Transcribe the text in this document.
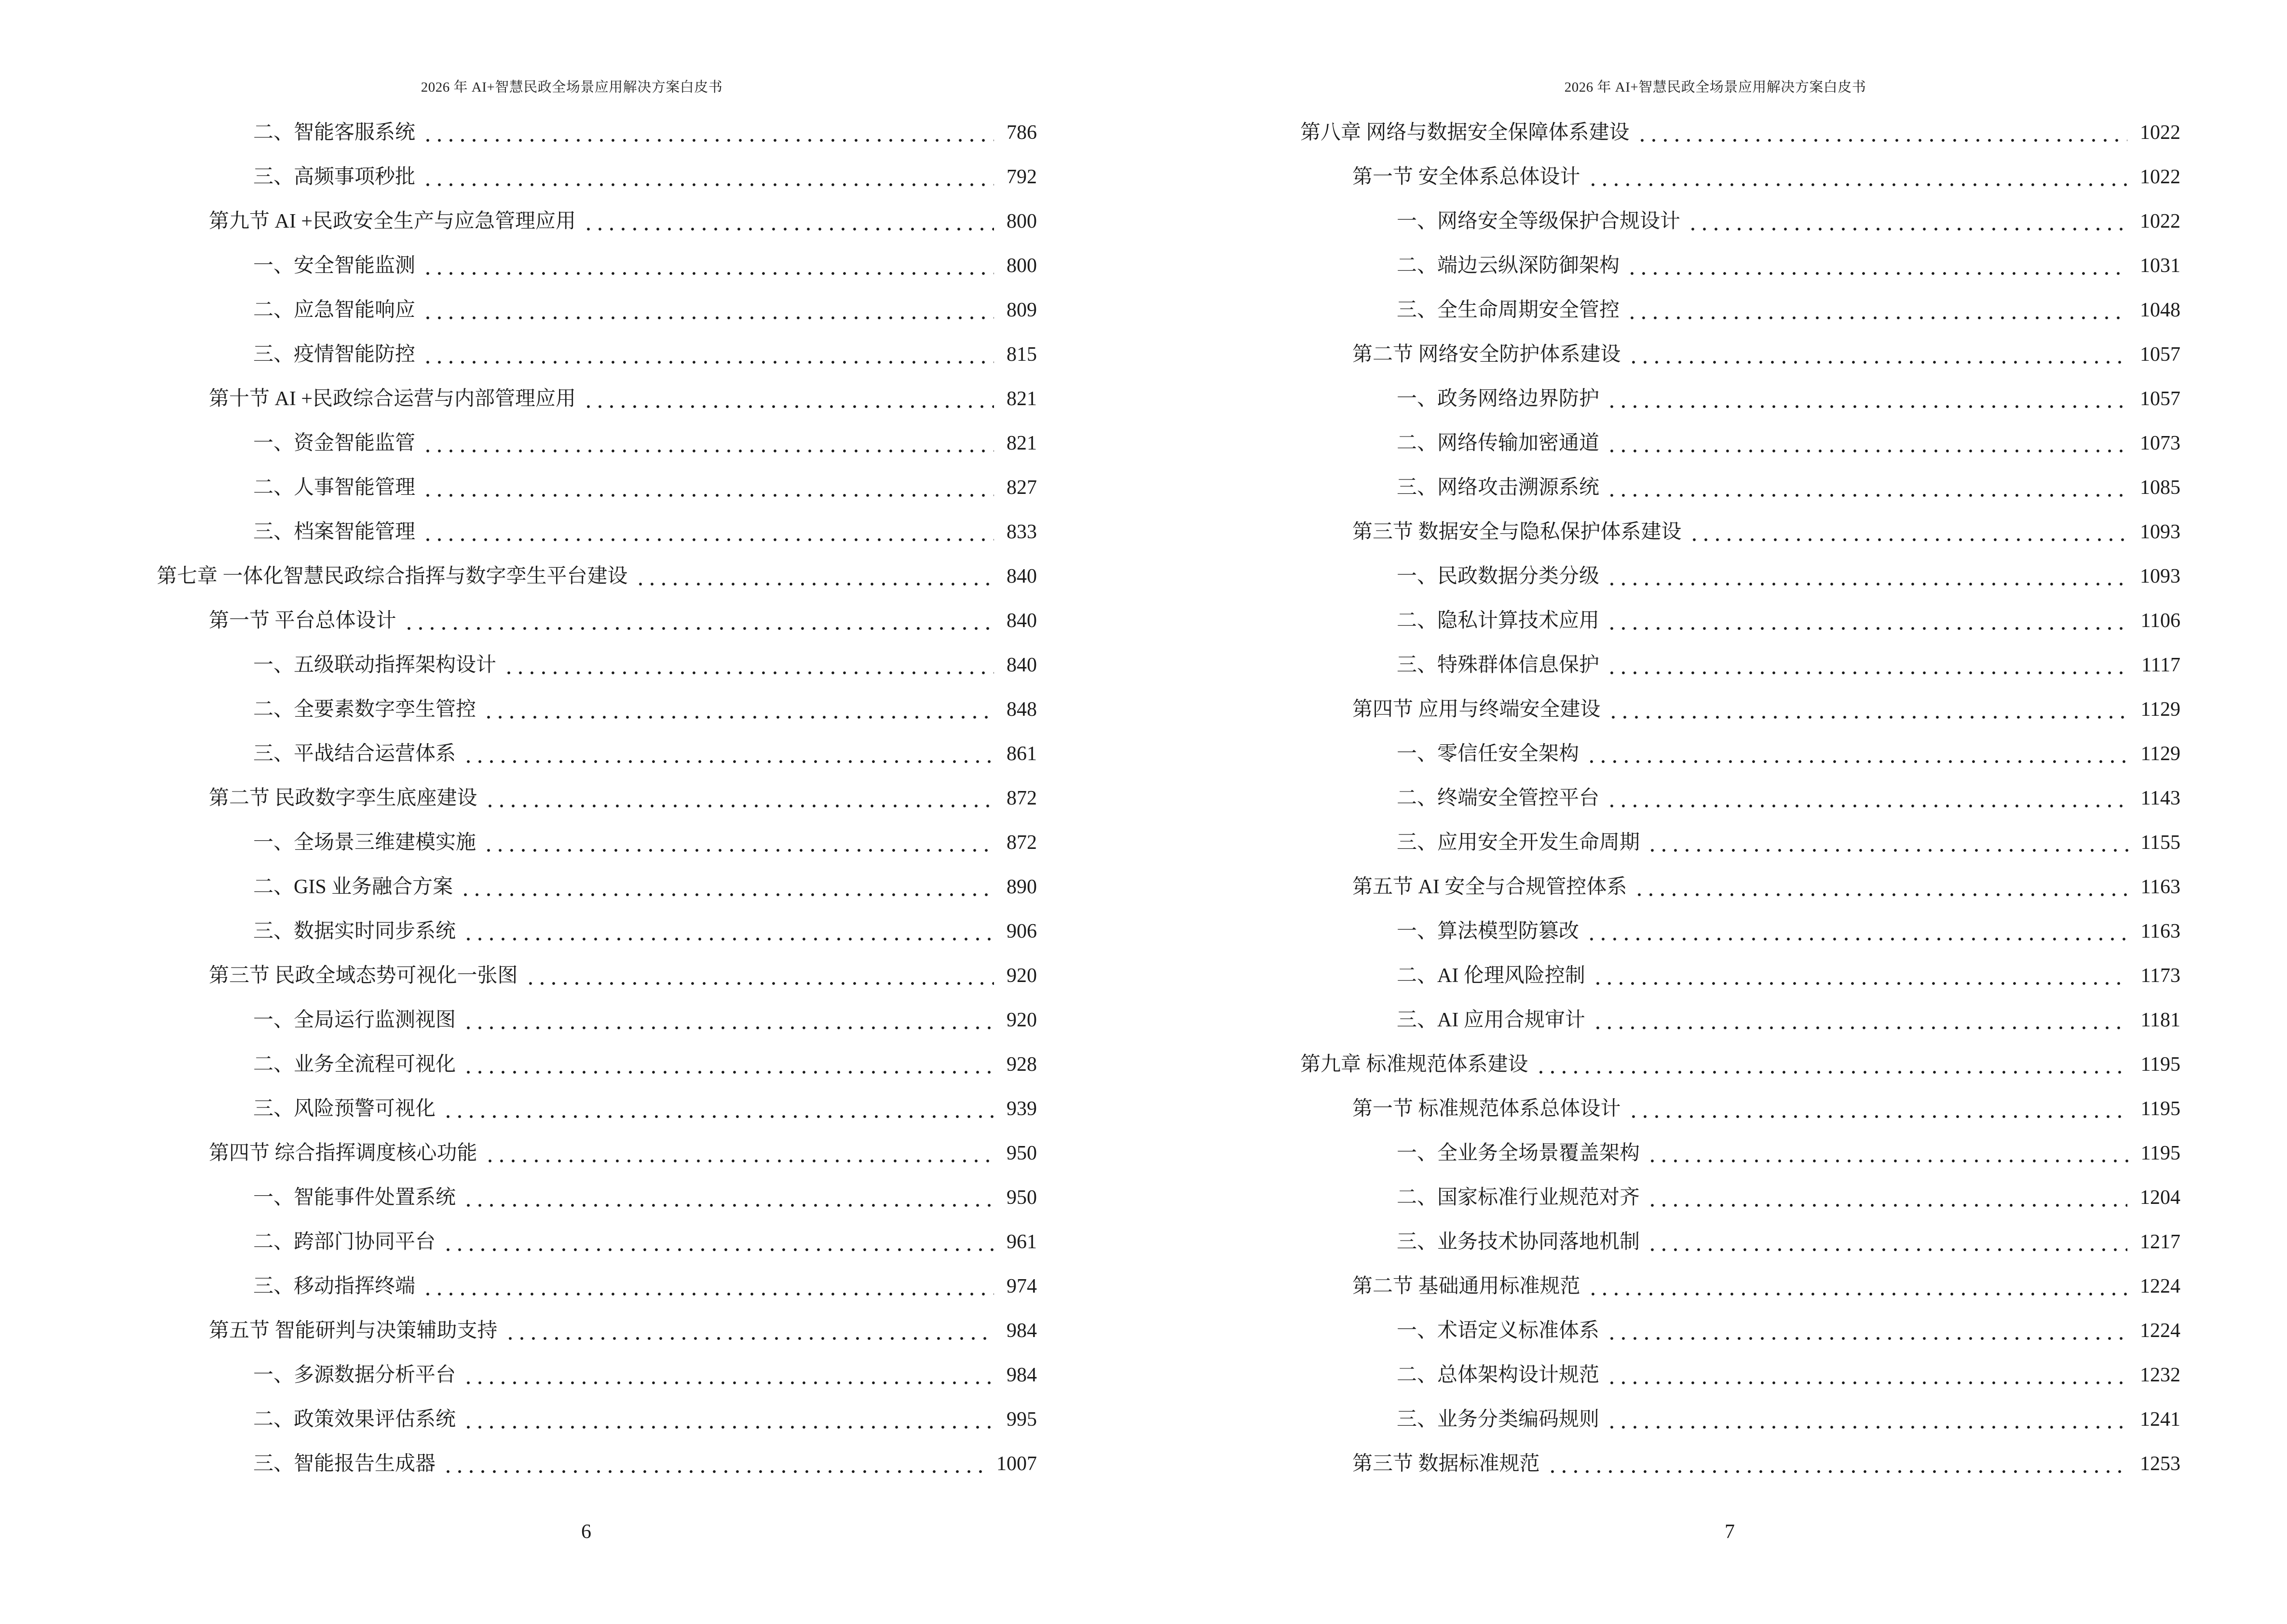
2026 年 AI+智慧民政全场景应用解决方案白皮书
二、智能客服系统	786
三、高频事项秒批	792
第九节 AI +民政安全生产与应急管理应用	800
一、安全智能监测	800
二、应急智能响应	809
三、疫情智能防控	815
第十节 AI +民政综合运营与内部管理应用	821
一、资金智能监管	821
二、人事智能管理	827
三、档案智能管理	833
第七章 一体化智慧民政综合指挥与数字孪生平台建设	840
第一节 平台总体设计	840
一、五级联动指挥架构设计	840
二、全要素数字孪生管控	848
三、平战结合运营体系	861
第二节 民政数字孪生底座建设	872
一、全场景三维建模实施	872
二、GIS 业务融合方案	890
三、数据实时同步系统	906
第三节 民政全域态势可视化一张图	920
一、全局运行监测视图	920
二、业务全流程可视化	928
三、风险预警可视化	939
第四节 综合指挥调度核心功能	950
一、智能事件处置系统	950
二、跨部门协同平台	961
三、移动指挥终端	974
第五节 智能研判与决策辅助支持	984
一、多源数据分析平台	984
二、政策效果评估系统	995
三、智能报告生成器	1007
6
2026 年 AI+智慧民政全场景应用解决方案白皮书
第八章 网络与数据安全保障体系建设	1022
第一节 安全体系总体设计	1022
一、网络安全等级保护合规设计	1022
二、端边云纵深防御架构	1031
三、全生命周期安全管控	1048
第二节 网络安全防护体系建设	1057
一、政务网络边界防护	1057
二、网络传输加密通道	1073
三、网络攻击溯源系统	1085
第三节 数据安全与隐私保护体系建设	1093
一、民政数据分类分级	1093
二、隐私计算技术应用	1106
三、特殊群体信息保护	1117
第四节 应用与终端安全建设	1129
一、零信任安全架构	1129
二、终端安全管控平台	1143
三、应用安全开发生命周期	1155
第五节 AI 安全与合规管控体系	1163
一、算法模型防篡改	1163
二、AI 伦理风险控制	1173
三、AI 应用合规审计	1181
第九章 标准规范体系建设	1195
第一节 标准规范体系总体设计	1195
一、全业务全场景覆盖架构	1195
二、国家标准行业规范对齐	1204
三、业务技术协同落地机制	1217
第二节 基础通用标准规范	1224
一、术语定义标准体系	1224
二、总体架构设计规范	1232
三、业务分类编码规则	1241
第三节 数据标准规范	1253
7
